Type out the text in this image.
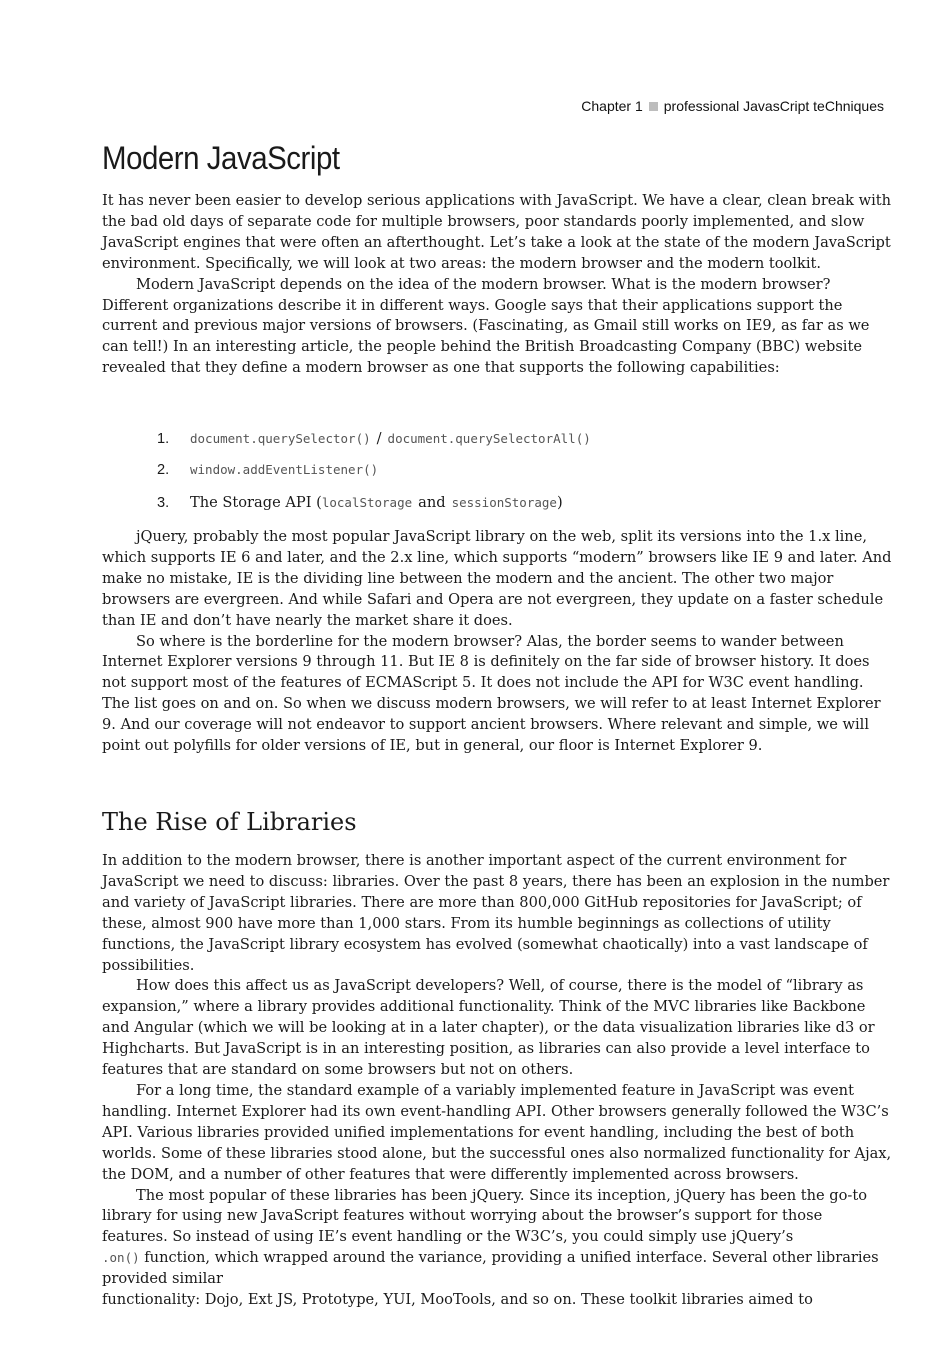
Chapter 1 professional JavasCript teChniques
Modern JavaScript

It has never been easier to develop serious applications with JavaScript. We have a clear, clean break with the bad old days of separate code for multiple browsers, poor standards poorly implemented, and slow JavaScript engines that were often an afterthought. Let’s take a look at the state of the modern JavaScript environment. Specifically, we will look at two areas: the modern browser and the modern toolkit.

Modern JavaScript depends on the idea of the modern browser. What is the modern browser? Different organizations describe it in different ways. Google says that their applications support the current and previous major versions of browsers. (Fascinating, as Gmail still works on IE9, as far as we can tell!) In an interesting article, the people behind the British Broadcasting Company (BBC) website revealed that they define a modern browser as one that supports the following capabilities:

1.	document.querySelector() / document.querySelectorAll()
2.	window.addEventListener()
3.	The Storage API ( localStorage and sessionStorage )

jQuery, probably the most popular JavaScript library on the web, split its versions into the 1.x line, which supports IE 6 and later, and the 2.x line, which supports “modern” browsers like IE 9 and later. And make no mistake, IE is the dividing line between the modern and the ancient. The other two major browsers are evergreen. And while Safari and Opera are not evergreen, they update on a faster schedule than IE and don’t have nearly the market share it does.

So where is the borderline for the modern browser? Alas, the border seems to wander between Internet Explorer versions 9 through 11. But IE 8 is definitely on the far side of browser history. It does not support most of the features of ECMAScript 5. It does not include the API for W3C event handling. The list goes on and on. So when we discuss modern browsers, we will refer to at least Internet Explorer 9. And our coverage will not endeavor to support ancient browsers. Where relevant and simple, we will point out polyfills for older versions of IE, but in general, our floor is Internet Explorer 9.

The Rise of Libraries

In addition to the modern browser, there is another important aspect of the current environment for JavaScript we need to discuss: libraries. Over the past 8 years, there has been an explosion in the number and variety of JavaScript libraries. There are more than 800,000 GitHub repositories for JavaScript; of these, almost 900 have more than 1,000 stars. From its humble beginnings as collections of utility functions, the JavaScript library ecosystem has evolved (somewhat chaotically) into a vast landscape of possibilities.

How does this affect us as JavaScript developers? Well, of course, there is the model of “library as expansion,” where a library provides additional functionality. Think of the MVC libraries like Backbone and Angular (which we will be looking at in a later chapter), or the data visualization libraries like d3 or Highcharts. But JavaScript is in an interesting position, as libraries can also provide a level interface to features that are standard on some browsers but not on others.

For a long time, the standard example of a variably implemented feature in JavaScript was event handling. Internet Explorer had its own event-handling API. Other browsers generally followed the W3C’s API. Various libraries provided unified implementations for event handling, including the best of both worlds. Some of these libraries stood alone, but the successful ones also normalized functionality for Ajax, the DOM, and a number of other features that were differently implemented across browsers.

The most popular of these libraries has been jQuery. Since its inception, jQuery has been the go-to library for using new JavaScript features without worrying about the browser’s support for those features. So instead of using IE’s event handling or the W3C’s, you could simply use jQuery’s
.on() function, which wrapped around the variance, providing a unified interface. Several other libraries provided similar

functionality: Dojo, Ext JS, Prototype, YUI, MooTools, and so on. These toolkit libraries aimed to
